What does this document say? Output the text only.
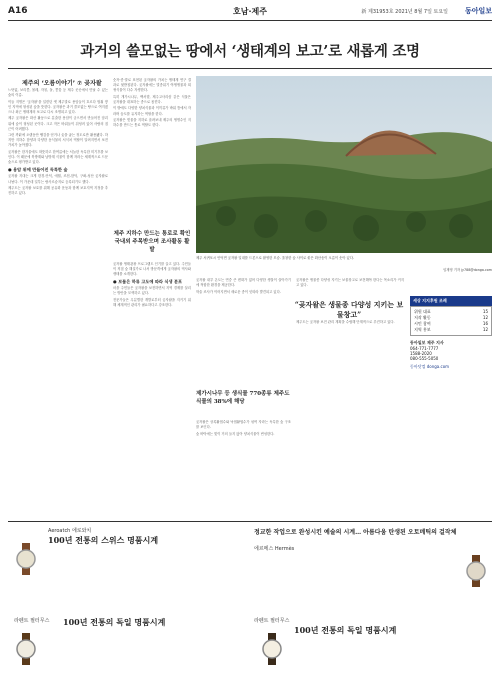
A16	호남·제주	新 제31953호 2021년 8월 7일 토요일 동아일보
과거의 쓸모없는 땅에서 ‘생태계의 보고’로 새롭게 조명
제주의 ‘오름이야기’ ⑦ 곶자왈

느닷없, 보리콩, 볼레, 자칭, 돌, 콩꽃 등 제주 곳곳에서 만날 수 있는 숲의 이름.

이들 지명은 ‘곶자왈’을 일컫던 옛 제주말로 용암들이 흐르다 멈춰 쌓인 지역에 형성된 숲을 뜻한다. 곶자왈은 과거 쓸모없는 땅으로 여겨졌으나 최근 생태계의 보고로 다시 조명되고 있다.

제주 곶자왈은 화산 활동으로 분출한 용암이 굳으면서 만들어진 암괴 위에 숲이 형성된 곳이다. 크고 작은 바위들이 뒤엉켜 있어 사람의 접근이 어려웠다.

그런 까닭에 오랫동안 땔감을 얻거나 숯을 굽는 정도로만 활용됐다. 하지만 지하수 함양과 다양한 동식물의 서식처 역할이 알려지면서 보전 가치가 높아졌다.

곶자왈은 한겨울에도 따뜻하고 한여름에는 서늘한 독특한 미기후를 보인다. 이 때문에 북방계와 남방계 식물이 함께 자라는 세계적으로 드문 숲으로 평가받고 있다.

● 용암 위에 만들어진 독특한 숲

곶자왈 지대는 크게 한경-안덕, 애월, 조천-함덕, 구좌-성산 곶자왈로 나뉜다. 이 가운데 일부는 람사르습지로 등록되기도 했다.

제주도는 곶자왈 보호를 위해 공유화 운동과 함께 보호지역 지정을 추진하고 있다.

숫자·종·말로 표현된 곶자왈의 가치는 생태계 연구 결과로 뒷받침된다. 곶자왈에는 멸종위기 야생생물과 희귀식물이 다수 자생한다.

특히 개가시나무, 백서향, 제주고사리삼 같은 식물은 곶자왈을 대표하는 종으로 꼽힌다.

이 밖에도 다양한 양치식물과 이끼류가 바위 틈에서 자라며 습도를 유지하는 역할을 한다.

곶자왈은 빗물을 지하로 흘려보내 제주의 생명수인 지하수를 만드는 통로 역할도 한다.

제주 지하수 만드는 통로로 확인 국내외 주목받으며 조사활동 활발

곶자왈 생태관광 프로그램도 인기를 끌고 있다. 주민들이 직접 숲 해설가로 나서 방문객에게 곶자왈의 역사와 생태를 소개한다.

● 보물은 하류 고도에 따라 식생 분포

마을 주민들은 곶자왈을 보전하면서 지역 경제를 살리는 방안을 모색하고 있다.

전문가들은 무분별한 개발로부터 곶자왈을 지키기 위해 체계적인 관리가 필요하다고 강조한다.

제주 서귀포시 안덕면 곶자왈 일대를 드론으로 촬영한 모습. 울창한 숲 사이로 붉은 화산송이 오름이 솟아 있다.
임재영 기자 jy788@donga.com

곶자왈 내부 온도는 연중 큰 변화가 없어 다양한 생물이 살아가기에 적합한 환경을 제공한다.

학술 조사가 이어지면서 새로운 종이 잇따라 발견되고 있다.

제가시나무 등 생식물 770종류 제주도 식물의 38%에 해당

곶자왈은 상록활엽수와 낙엽활엽수가 섞여 자라는 독특한 숲 구조를 보인다.

숲 바닥에는 빛이 거의 들지 않아 양치식물이 번성한다.

곶자왈은 생물종 다양성 지키는 보물창고로 보전해야 한다는 목소리가 커지고 있다.

“곶자왈은 생물종 다양성 지키는 보물창고”

제주도는 곶자왈 보전 관리 계획을 수립해 단계적으로 추진하고 있다.

세상 지지후원 조례
위원 대표	15
저작 활동	12
시민 참여	16
지역 홍보	12
동아일보 제주 지사
064-771-7777
1588-2020
080-555-5050
동아닷컴 donga.com
Aeroatch 에로와치
100년 전통의 스위스 명품시계
라펜트 필터무스 100년 전통의 독일 명품시계
정교한 작업으로 완성시킨 예술의 시계… 아름다움 탄생된 오토메틱의 걸작체
에르메스 Hermès
라펜트 필터무스
100년 전통의 독일 명품시계
